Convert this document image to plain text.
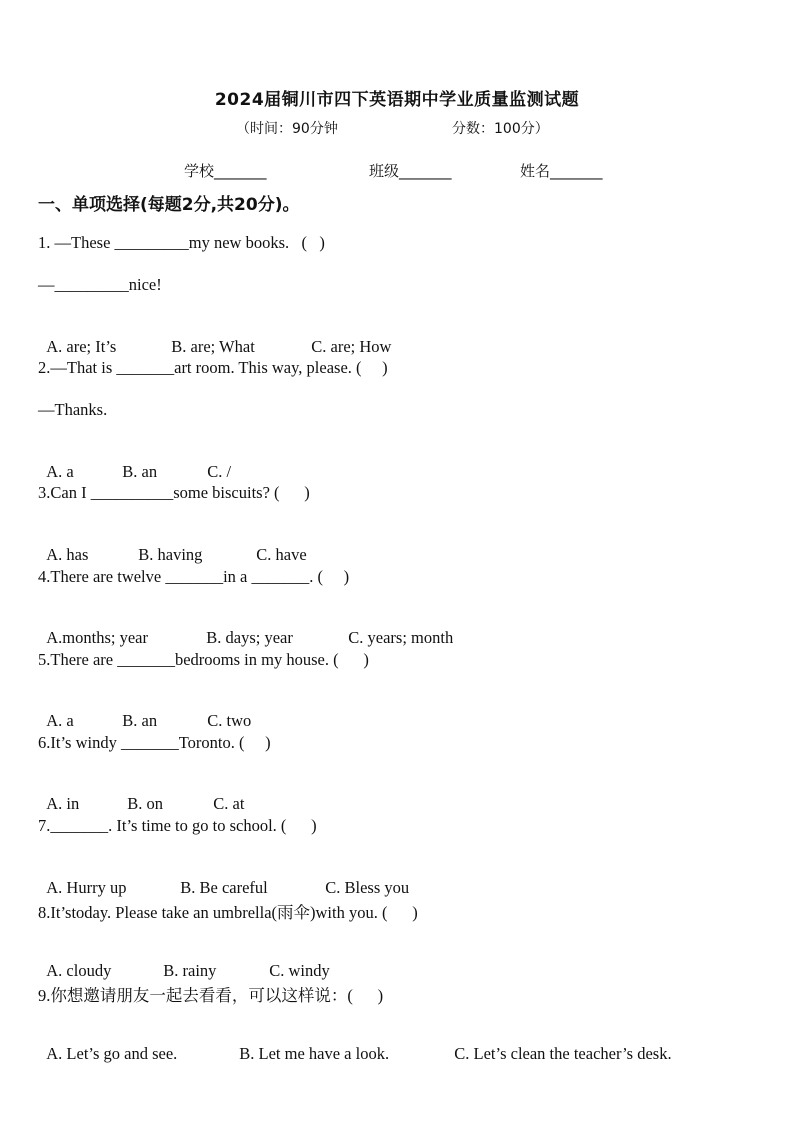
2024届铜川市四下英语期中学业质量监测试题
（时间：90分钟	分数：100分）
学校_______	班级_______	姓名_______
一、单项选择(每题2分,共20分)。
1. —These _________my new books.   (   )
—_________nice!

A. are; It’s	B. are; What	C. are; How

2.—That is _______art room. This way, please. (     )
—Thanks.

A. a	B. an	C. /

3.Can I __________some biscuits? (      )

A. has	B. having	C. have

4.There are twelve _______in a _______. (     )

A.months; year	B. days; year	C. years; month

5.There are _______bedrooms in my house. (      )

A. a	B. an	C. two

6.It’s windy _______Toronto. (     )

A. in	B. on	C. at

7._______. It’s time to go to school. (      )

A. Hurry up	B. Be careful	C. Bless you

8.It’stoday. Please take an umbrella(雨伞)with you. (      )

A. cloudy	B. rainy	C. windy

9.你想邀请朋友一起去看看，可以这样说：(      )

A. Let’s go and see.	B. Let me have a look.	C. Let’s clean the teacher’s desk.
